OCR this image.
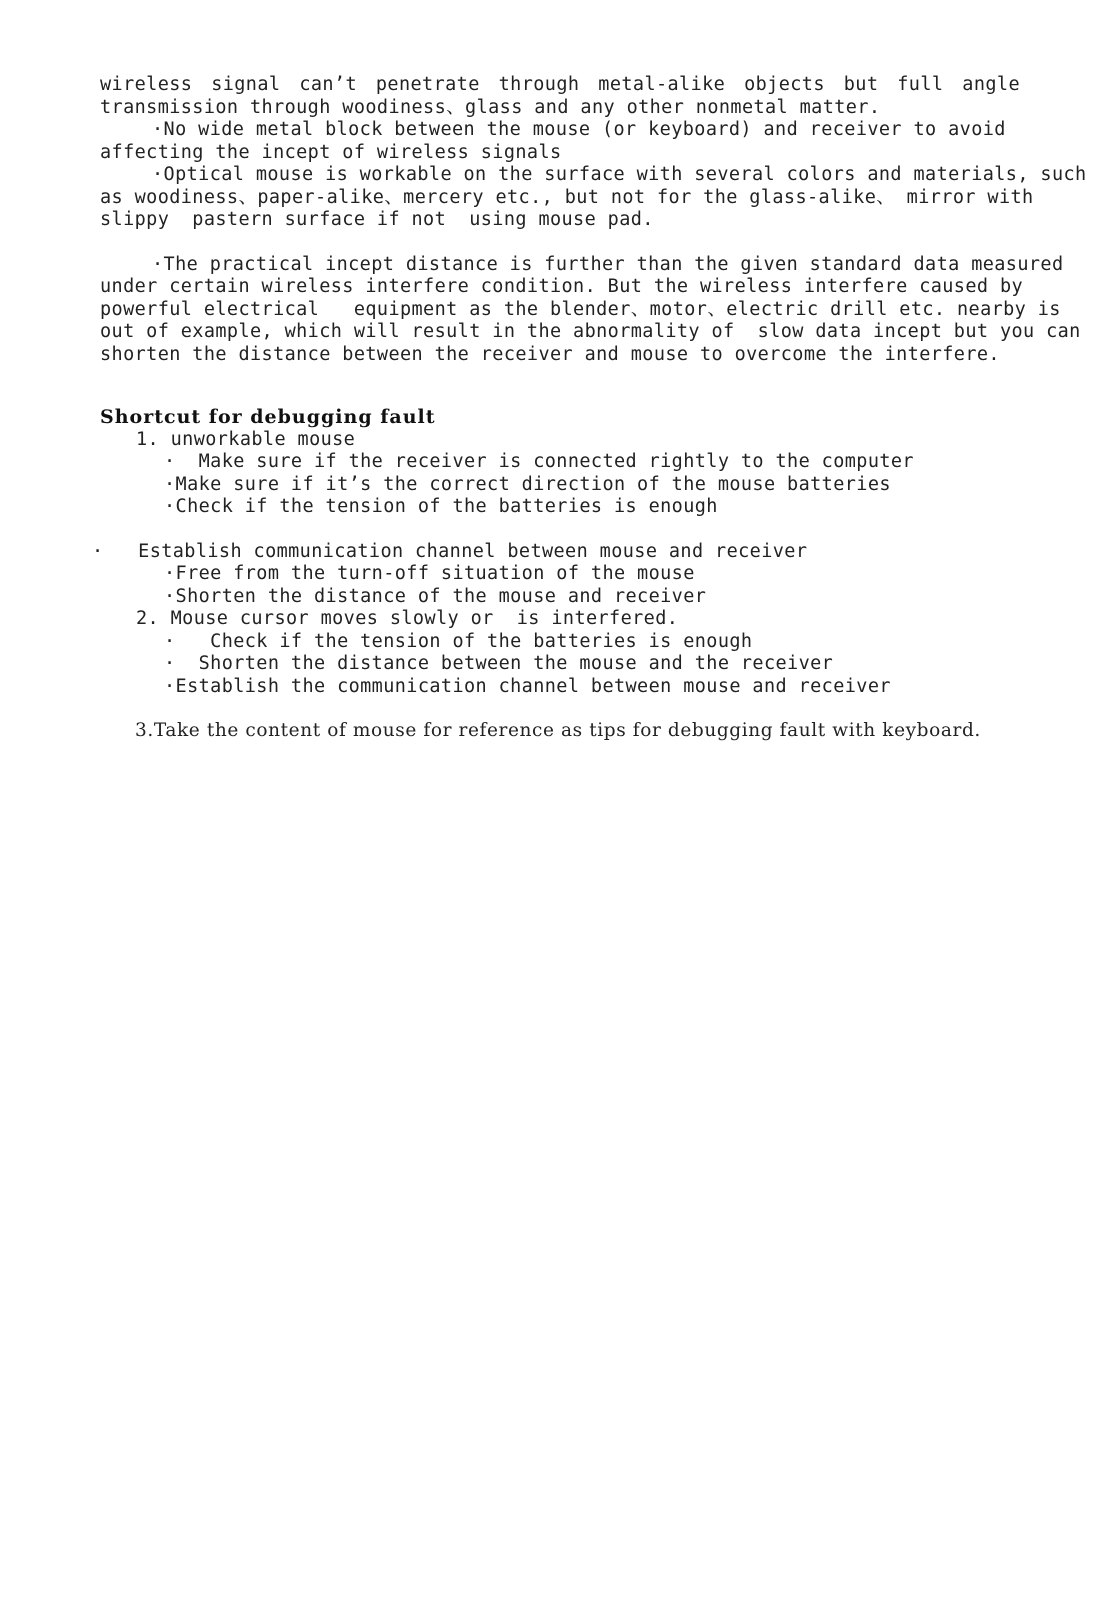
wireless signal can’t penetrate through metal-alike objects but full angle
transmission through woodiness、glass and any other nonmetal matter.
·No wide metal block between the mouse (or keyboard) and receiver to avoid
affecting the incept of wireless signals
·Optical mouse is workable on the surface with several colors and materials, such
as woodiness、paper-alike、mercery etc., but not for the glass-alike、 mirror with
slippy  pastern surface if not  using mouse pad.
·The practical incept distance is further than the given standard data measured
under certain wireless interfere condition. But the wireless interfere caused by
powerful electrical   equipment as the blender、motor、electric drill etc. nearby is
out of example, which will result in the abnormality of  slow data incept but you can
shorten the distance between the receiver and mouse to overcome the interfere.
Shortcut for debugging fault
1. unworkable mouse
·  Make sure if the receiver is connected rightly to the computer
·Make sure if it’s the correct direction of the mouse batteries
·Check if the tension of the batteries is enough
·   Establish communication channel between mouse and receiver
·Free from the turn-off situation of the mouse
·Shorten the distance of the mouse and receiver
2. Mouse cursor moves slowly or  is interfered.
·   Check if the tension of the batteries is enough
·  Shorten the distance between the mouse and the receiver
·Establish the communication channel between mouse and receiver
3.Take the content of mouse for reference as tips for debugging fault with keyboard.
